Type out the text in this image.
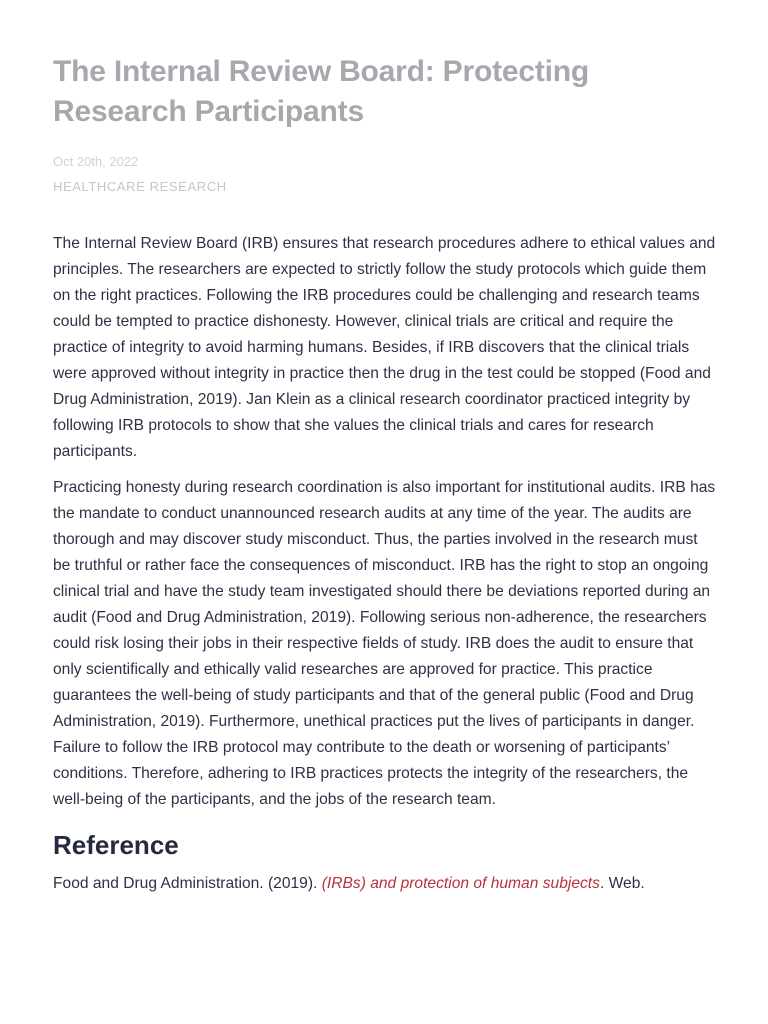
The Internal Review Board: Protecting Research Participants
Oct 20th, 2022
HEALTHCARE RESEARCH

The Internal Review Board (IRB) ensures that research procedures adhere to ethical values and principles. The researchers are expected to strictly follow the study protocols which guide them on the right practices. Following the IRB procedures could be challenging and research teams could be tempted to practice dishonesty. However, clinical trials are critical and require the practice of integrity to avoid harming humans. Besides, if IRB discovers that the clinical trials were approved without integrity in practice then the drug in the test could be stopped (Food and Drug Administration, 2019). Jan Klein as a clinical research coordinator practiced integrity by following IRB protocols to show that she values the clinical trials and cares for research participants.

Practicing honesty during research coordination is also important for institutional audits. IRB has the mandate to conduct unannounced research audits at any time of the year. The audits are thorough and may discover study misconduct. Thus, the parties involved in the research must be truthful or rather face the consequences of misconduct. IRB has the right to stop an ongoing clinical trial and have the study team investigated should there be deviations reported during an audit (Food and Drug Administration, 2019). Following serious non-adherence, the researchers could risk losing their jobs in their respective fields of study. IRB does the audit to ensure that only scientifically and ethically valid researches are approved for practice. This practice guarantees the well-being of study participants and that of the general public (Food and Drug Administration, 2019). Furthermore, unethical practices put the lives of participants in danger. Failure to follow the IRB protocol may contribute to the death or worsening of participants’ conditions. Therefore, adhering to IRB practices protects the integrity of the researchers, the well-being of the participants, and the jobs of the research team.

Reference
Food and Drug Administration. (2019). (IRBs) and protection of human subjects. Web.
